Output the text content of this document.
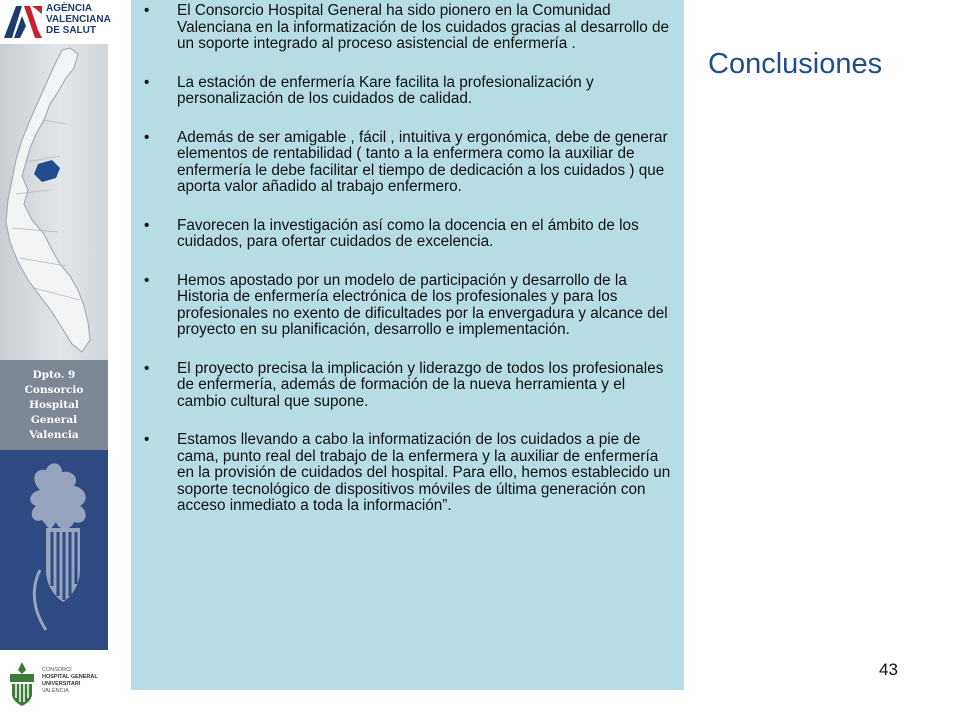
AGÈNCIA
VALENCIANA
DE SALUT
Dpto. 9
Consorcio
Hospital
General
Valencia
CONSORCI
HOSPITAL GENERAL
UNIVERSITARI
VALÈNCIA
• El Consorcio Hospital General ha sido pionero en la Comunidad Valenciana en la informatización de los cuidados gracias al desarrollo de un soporte integrado al proceso asistencial de enfermería .
• La estación de enfermería Kare facilita la profesionalización y personalización de los cuidados de calidad.
• Además de ser amigable , fácil , intuitiva y ergonómica, debe de generar elementos de rentabilidad ( tanto a la enfermera como la auxiliar de enfermería le debe facilitar el tiempo de dedicación a los cuidados ) que aporta valor añadido al trabajo enfermero.
• Favorecen la investigación así como la docencia en el ámbito de los cuidados, para ofertar cuidados de excelencia.
• Hemos apostado por un modelo de participación y desarrollo de la Historia de enfermería electrónica de los profesionales y para los profesionales no exento de dificultades por la envergadura y alcance del proyecto en su planificación, desarrollo e implementación.
• El proyecto precisa la implicación y liderazgo de todos los profesionales de enfermería, además de formación de la nueva herramienta y el cambio cultural que supone.
• Estamos llevando a cabo la informatización de los cuidados a pie de cama, punto real del trabajo de la enfermera y la auxiliar de enfermería en la provisión de cuidados del hospital. Para ello, hemos establecido un soporte tecnológico de dispositivos móviles de última generación con acceso inmediato a toda la información”.
Conclusiones
43
